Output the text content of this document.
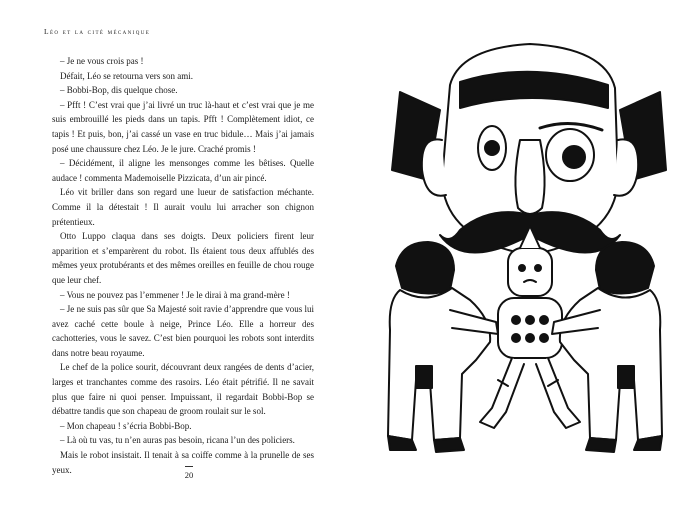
Léo et la cité mécanique

– Je ne vous crois pas !

Défait, Léo se retourna vers son ami.

– Bobbi-Bop, dis quelque chose.

– Pfft ! C’est vrai que j’ai livré un truc là-haut et c’est vrai que je me suis embrouillé les pieds dans un tapis. Pfft ! Complètement idiot, ce tapis ! Et puis, bon, j’ai cassé un vase en truc bidule… Mais j’ai jamais posé une chaussure chez Léo. Je le jure. Craché promis !

– Décidément, il aligne les mensonges comme les bêtises. Quelle audace ! commenta Mademoiselle Pizzicata, d’un air pincé.

Léo vit briller dans son regard une lueur de satisfaction méchante. Comme il la détestait ! Il aurait voulu lui arracher son chignon prétentieux.

Otto Luppo claqua dans ses doigts. Deux policiers firent leur apparition et s’emparèrent du robot. Ils étaient tous deux affublés des mêmes yeux protubérants et des mêmes oreilles en feuille de chou rouge que leur chef.

– Vous ne pouvez pas l’emmener ! Je le dirai à ma grand-mère !

– Je ne suis pas sûr que Sa Majesté soit ravie d’apprendre que vous lui avez caché cette boule à neige, Prince Léo. Elle a horreur des cachotteries, vous le savez. C’est bien pourquoi les robots sont interdits dans notre beau royaume.

Le chef de la police sourit, découvrant deux rangées de dents d’acier, larges et tranchantes comme des rasoirs. Léo était pétrifié. Il ne savait plus que faire ni quoi penser. Impuissant, il regardait Bobbi-Bop se débattre tandis que son chapeau de groom roulait sur le sol.

– Mon chapeau ! s’écria Bobbi-Bop.

– Là où tu vas, tu n’en auras pas besoin, ricana l’un des policiers.

Mais le robot insistait. Il tenait à sa coiffe comme à la prunelle de ses yeux.

20
